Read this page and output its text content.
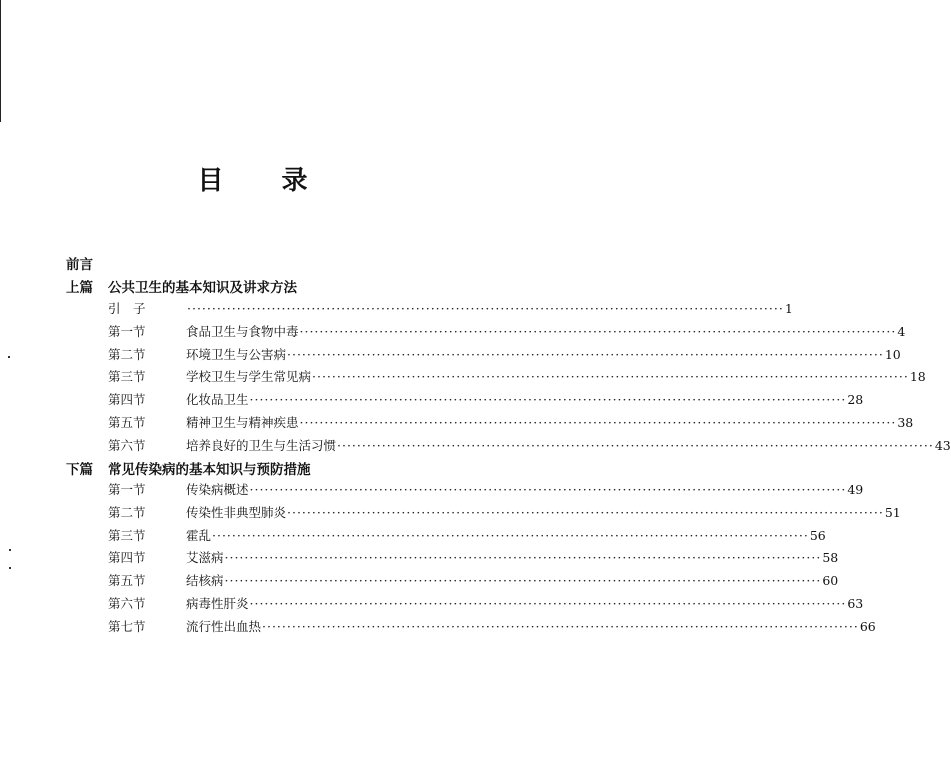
目 录
前言
上篇 公共卫生的基本知识及讲求方法
引　子	························································································································ 1
第一节	食品卫生与食物中毒 ························································································································ 4
第二节	环境卫生与公害病 ························································································································ 10
第三节	学校卫生与学生常见病 ························································································································ 18
第四节	化妆品卫生 ························································································································ 28
第五节	精神卫生与精神疾患 ························································································································ 38
第六节	培养良好的卫生与生活习惯 ························································································································ 43
下篇 常见传染病的基本知识与预防措施
第一节	传染病概述 ························································································································ 49
第二节	传染性非典型肺炎 ························································································································ 51
第三节	霍乱 ························································································································ 56
第四节	艾滋病 ························································································································ 58
第五节	结核病 ························································································································ 60
第六节	病毒性肝炎 ························································································································ 63
第七节	流行性出血热 ························································································································ 66
